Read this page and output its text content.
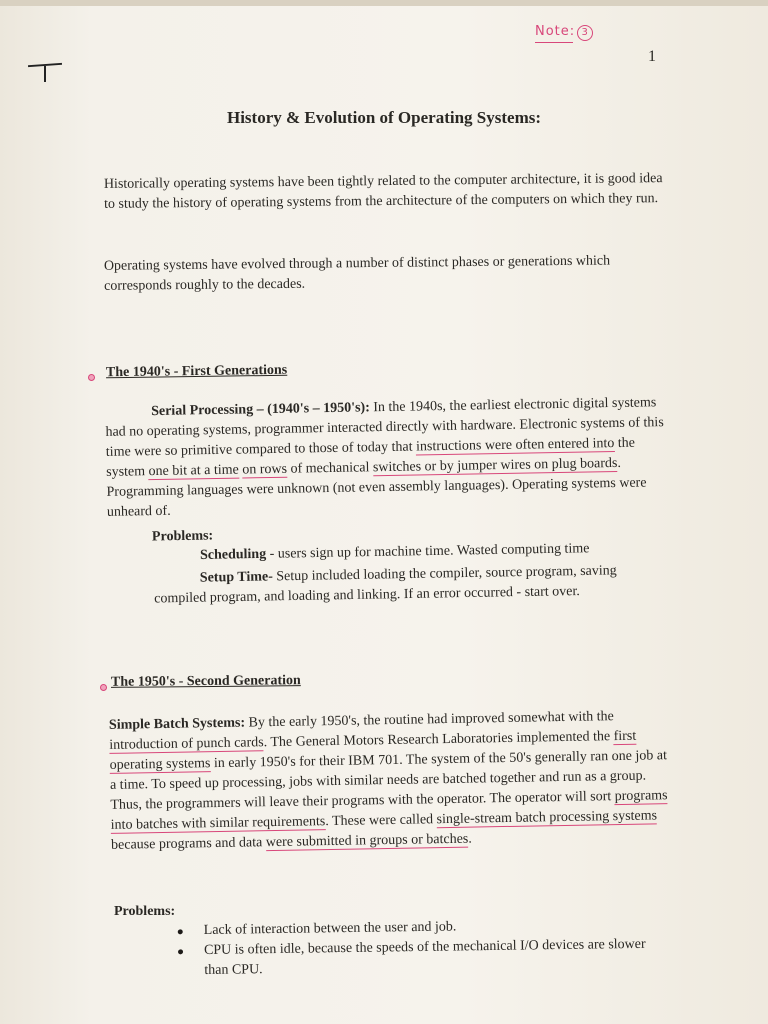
Note: 3
1
History & Evolution of Operating Systems:
Historically operating systems have been tightly related to the computer architecture, it is good idea to study the history of operating systems from the architecture of the computers on which they run.
Operating systems have evolved through a number of distinct phases or generations which corresponds roughly to the decades.
The 1940's - First Generations
Serial Processing – (1940's – 1950's): In the 1940s, the earliest electronic digital systems had no operating systems, programmer interacted directly with hardware. Electronic systems of this time were so primitive compared to those of today that instructions were often entered into the system one bit at a time on rows of mechanical switches or by jumper wires on plug boards. Programming languages were unknown (not even assembly languages). Operating systems were unheard of.
Problems:
Scheduling - users sign up for machine time. Wasted computing time
Setup Time- Setup included loading the compiler, source program, saving compiled program, and loading and linking. If an error occurred - start over.
The 1950's - Second Generation
Simple Batch Systems: By the early 1950's, the routine had improved somewhat with the introduction of punch cards. The General Motors Research Laboratories implemented the first operating systems in early 1950's for their IBM 701. The system of the 50's generally ran one job at a time. To speed up processing, jobs with similar needs are batched together and run as a group. Thus, the programmers will leave their programs with the operator. The operator will sort programs into batches with similar requirements. These were called single-stream batch processing systems because programs and data were submitted in groups or batches.
Problems:
Lack of interaction between the user and job.
CPU is often idle, because the speeds of the mechanical I/O devices are slower than CPU.
